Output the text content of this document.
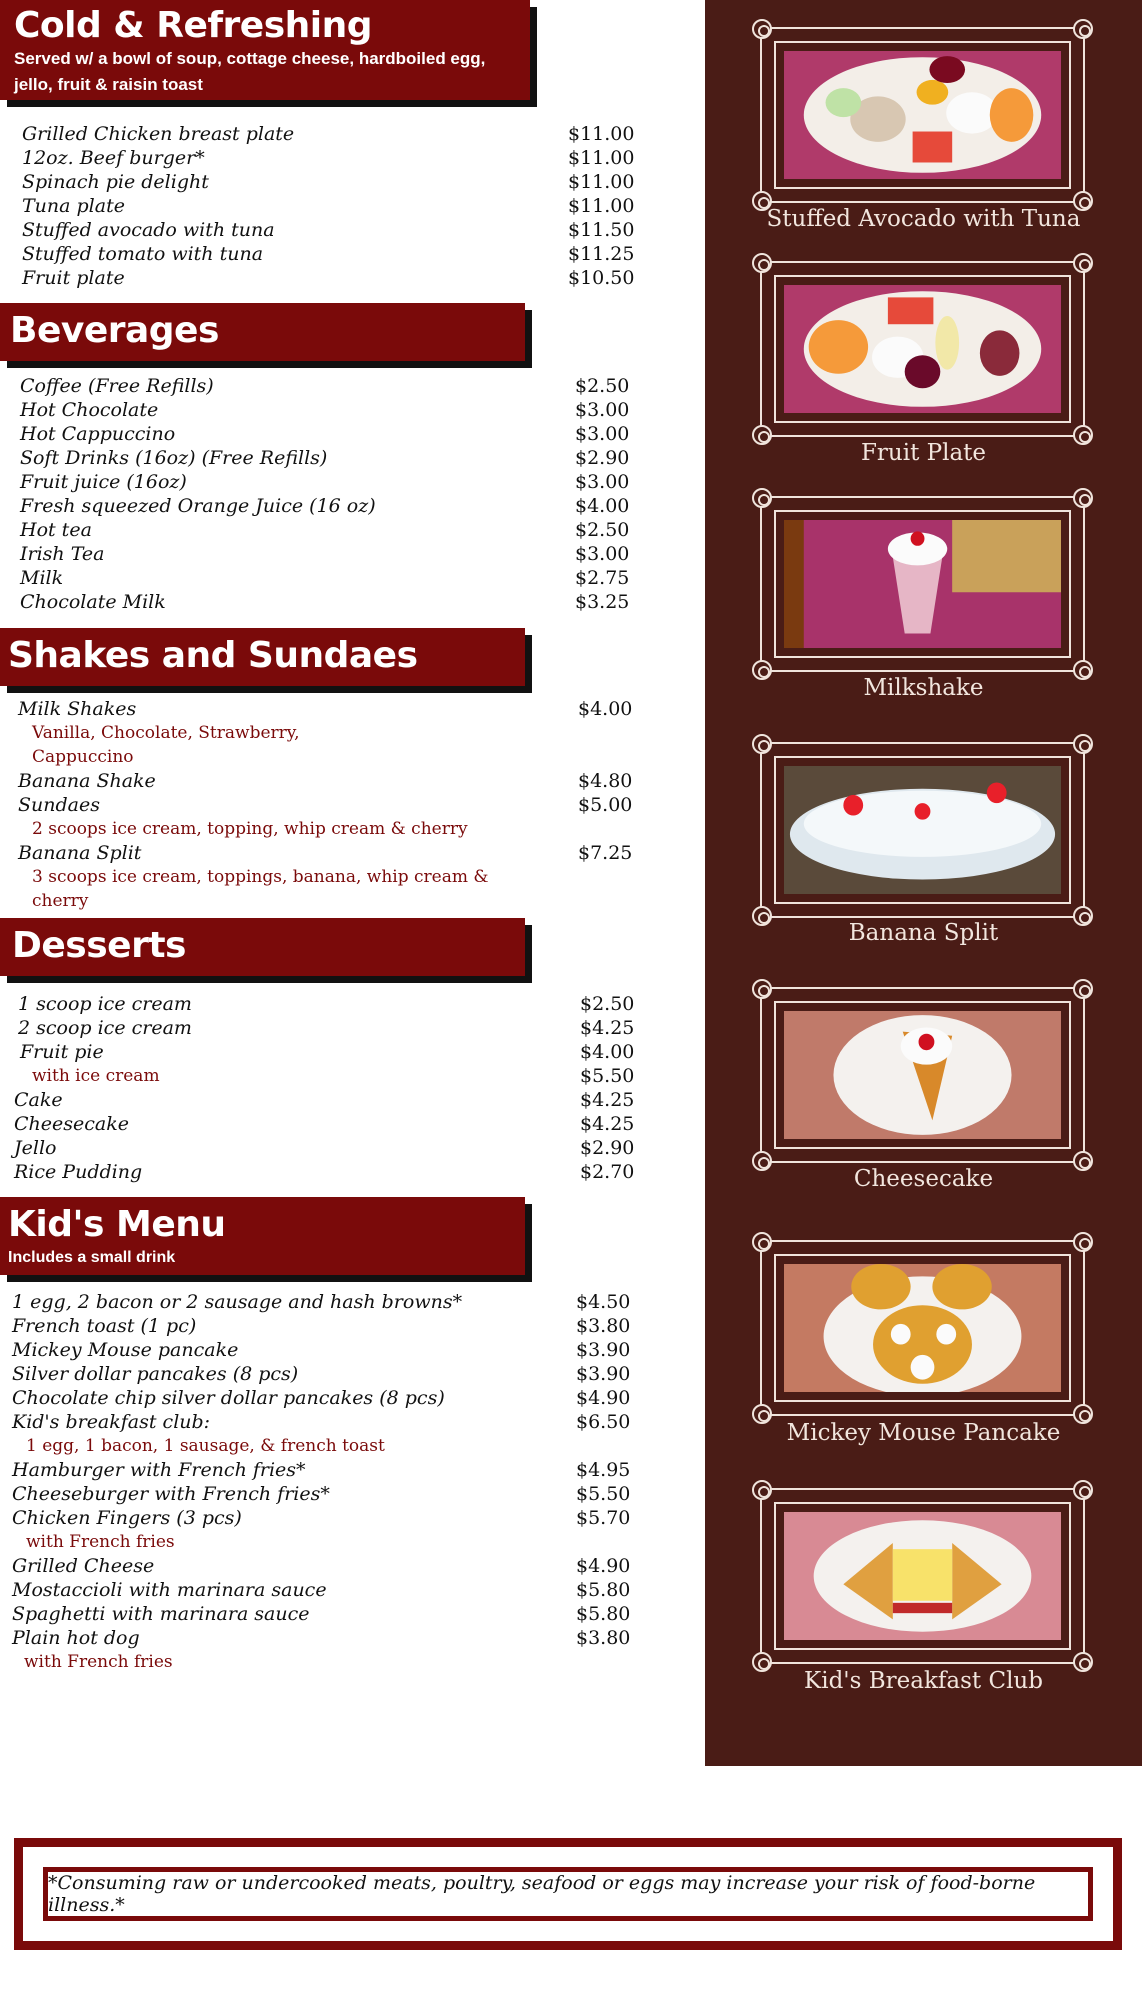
Cold & Refreshing
Served w/ a bowl of soup, cottage cheese, hardboiled egg,
jello, fruit & raisin toast
Grilled Chicken breast plate	$11.00
12oz. Beef burger*	$11.00
Spinach pie delight	$11.00
Tuna plate	$11.00
Stuffed avocado with tuna	$11.50
Stuffed tomato with tuna	$11.25
Fruit plate	$10.50
Beverages
Coffee (Free Refills)	$2.50
Hot Chocolate	$3.00
Hot Cappuccino	$3.00
Soft Drinks (16oz) (Free Refills)	$2.90
Fruit juice (16oz)	$3.00
Fresh squeezed Orange Juice (16 oz)	$4.00
Hot tea	$2.50
Irish Tea	$3.00
Milk	$2.75
Chocolate Milk	$3.25
Shakes and Sundaes
Milk Shakes	$4.00
Vanilla, Chocolate, Strawberry,
Cappuccino
Banana Shake	$4.80
Sundaes	$5.00
2 scoops ice cream, topping, whip cream & cherry
Banana Split	$7.25
3 scoops ice cream, toppings, banana, whip cream &
cherry
Desserts
1 scoop ice cream	$2.50
2 scoop ice cream	$4.25
Fruit pie	$4.00
with ice cream	$5.50
Cake	$4.25
Cheesecake	$4.25
Jello	$2.90
Rice Pudding	$2.70
Kid's Menu
Includes a small drink
1 egg, 2 bacon or 2 sausage and hash browns*	$4.50
French toast (1 pc)	$3.80
Mickey Mouse pancake	$3.90
Silver dollar pancakes (8 pcs)	$3.90
Chocolate chip silver dollar pancakes (8 pcs)	$4.90
Kid's breakfast club:	$6.50
1 egg, 1 bacon, 1 sausage, & french toast
Hamburger with French fries*	$4.95
Cheeseburger with French fries*	$5.50
Chicken Fingers (3 pcs)	$5.70
with French fries
Grilled Cheese	$4.90
Mostaccioli with marinara sauce	$5.80
Spaghetti with marinara sauce	$5.80
Plain hot dog	$3.80
with French fries
Stuffed Avocado with Tuna
Fruit Plate
Milkshake
Banana Split
Cheesecake
Mickey Mouse Pancake
Kid's Breakfast Club
*Consuming raw or undercooked meats, poultry, seafood or eggs may increase your risk of food-borne illness.*
